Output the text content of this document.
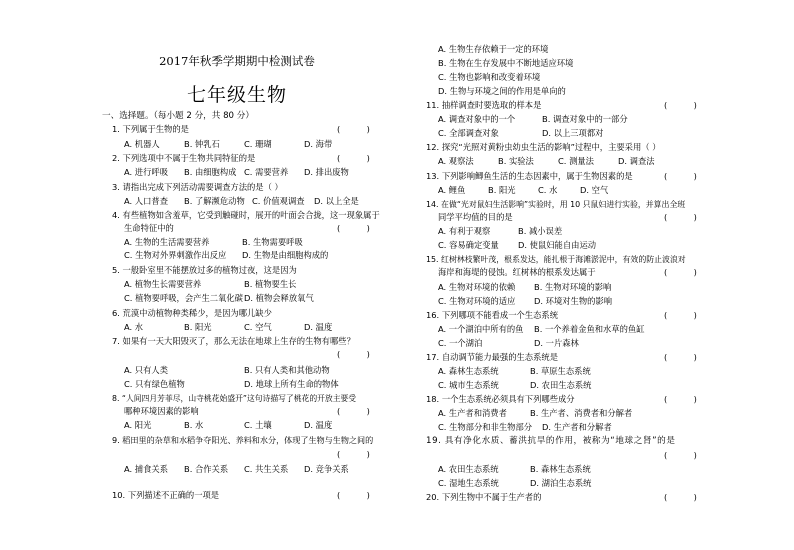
2017年秋季学期期中检测试卷
七年级生物
一、选择题。（每小题 2 分，共 80 分）
1. 下列属于生物的是	(          )
A. 机器人	B. 钟乳石	C. 珊瑚	D. 海带
2. 下列选项中不属于生物共同特征的是	(          )
A. 进行呼吸 B. 由细胞构成 C. 需要营养 D. 排出废物
3. 请指出完成下列活动需要调查方法的是（ ）
A. 人口普查 B. 了解濒危动物 C. 价值观调查 D. 以上全是
4. 有些植物如含羞草，它受到触碰时，展开的叶面会合拢，这一现象属于
生命特征中的	(          )
A. 生物的生活需要营养	B. 生物需要呼吸
C. 生物对外界刺激作出反应 D. 生物是由细胞构成的
5. 一般卧室里不能摆放过多的植物过夜，这是因为
A. 植物生长需要营养	B. 植物要生长
C. 植物要呼吸，会产生二氧化碳D. 植物会释放氧气
6. 荒漠中动植物种类稀少，是因为哪儿缺少
A. 水	B. 阳光	C. 空气	D. 温度
7. 如果有一天大阳毁灭了，那么无法在地球上生存的生物有哪些？
(          )
A. 只有人类	B. 只有人类和其他动物
C. 只有绿色植物	D. 地球上所有生命的物体
8. “人间四月芳菲尽，山寺桃花始盛开”这句诗描写了桃花的开放主要受
哪种环境因素的影响	(          )
A. 阳光	B. 水	C. 土壤	D. 温度
9. 稻田里的杂草和水稻争夺阳光、养料和水分，体现了生物与生物之间的
(          )
A. 捕食关系 B. 合作关系 C. 共生关系 D. 竞争关系
10. 下列描述不正确的一项是	(          )
A. 生物生存依赖于一定的环境
B. 生物在生存发展中不断地适应环境
C. 生物也影响和改变着环境
D. 生物与环境之间的作用是单向的
11. 抽样调查时要选取的样本是	(          )
A. 调查对象中的一个	B. 调查对象中的一部分
C. 全部调查对象	D. 以上三项都对
12. 探究“光照对黄粉虫幼虫生活的影响”过程中，主要采用（ ）
A. 观察法	B. 实验法	C. 测量法	D. 调查法
13. 下列影响鲫鱼生活的生态因素中，属于生物因素的是	(          )
A. 鲤鱼	B. 阳光	C. 水	D. 空气
14. 在做“光对鼠妇生活影响”实验时，用 10 只鼠妇进行实验，并算出全班
同学平均值的目的是	(          )
A. 有利于观察	B. 减小误差
C. 容易确定变量 D. 使鼠妇能自由运动
15. 红树林枝繁叶茂，根系发达，能扎根于海滩淤泥中，有效的防止波浪对
海岸和海堤的侵蚀。红树林的根系发达属于	(          )
A. 生物对环境的依赖 B. 生物对环境的影响
C. 生物对环境的适应 D. 环境对生物的影响
16. 下列哪项不能看成一个生态系统	(          )
A. 一个湖泊中所有的鱼 B. 一个养着金鱼和水草的鱼缸
C. 一个湖泊	D. 一片森林
17. 自动调节能力最强的生态系统是	(          )
A. 森林生态系统	B. 草原生态系统
C. 城市生态系统	D. 农田生态系统
18. 一个生态系统必须具有下列哪些成分	(          )
A. 生产者和消费者	B. 生产者、消费者和分解者
C. 生物部分和非生物部分 D. 生产者和分解者
19. 具有净化水质、蓄洪抗旱的作用，被称为“地球之肾”的是
(          )
A. 农田生态系统	B. 森林生态系统
C. 湿地生态系统	D. 湖泊生态系统
20. 下列生物中不属于生产者的	(          )
